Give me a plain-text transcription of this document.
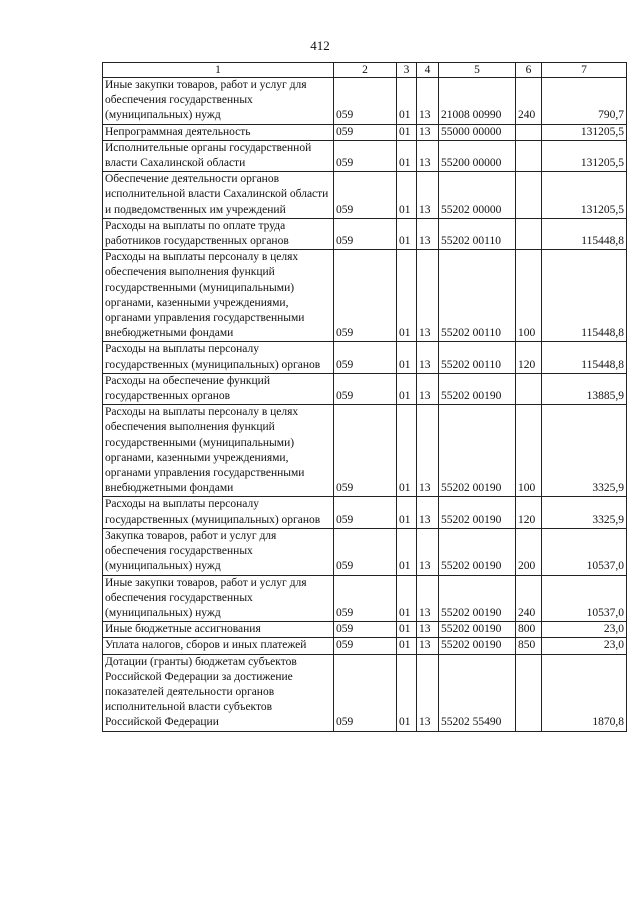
412
1	2	3	4	5	6	7
Иные закупки товаров, работ и услуг для обеспечения государственных (муниципальных) нужд	059	01	13	21008 00990	240	790,7
Непрограммная деятельность	059	01	13	55000 00000		131205,5
Исполнительные органы государственной власти Сахалинской области	059	01	13	55200 00000		131205,5
Обеспечение деятельности органов исполнительной власти Сахалинской области и подведомственных им учреждений	059	01	13	55202 00000		131205,5
Расходы на выплаты по оплате труда работников государственных органов	059	01	13	55202 00110		115448,8
Расходы на выплаты персоналу в целях обеспечения выполнения функций государственными (муниципальными) органами, казенными учреждениями, органами управления государственными внебюджетными фондами	059	01	13	55202 00110	100	115448,8
Расходы на выплаты персоналу государственных (муниципальных) органов	059	01	13	55202 00110	120	115448,8
Расходы на обеспечение функций государственных органов	059	01	13	55202 00190		13885,9
Расходы на выплаты персоналу в целях обеспечения выполнения функций государственными (муниципальными) органами, казенными учреждениями, органами управления государственными внебюджетными фондами	059	01	13	55202 00190	100	3325,9
Расходы на выплаты персоналу государственных (муниципальных) органов	059	01	13	55202 00190	120	3325,9
Закупка товаров, работ и услуг для обеспечения государственных (муниципальных) нужд	059	01	13	55202 00190	200	10537,0
Иные закупки товаров, работ и услуг для обеспечения государственных (муниципальных) нужд	059	01	13	55202 00190	240	10537,0
Иные бюджетные ассигнования	059	01	13	55202 00190	800	23,0
Уплата налогов, сборов и иных платежей	059	01	13	55202 00190	850	23,0
Дотации (гранты) бюджетам субъектов Российской Федерации за достижение показателей деятельности органов исполнительной власти субъектов Российской Федерации	059	01	13	55202 55490		1870,8
